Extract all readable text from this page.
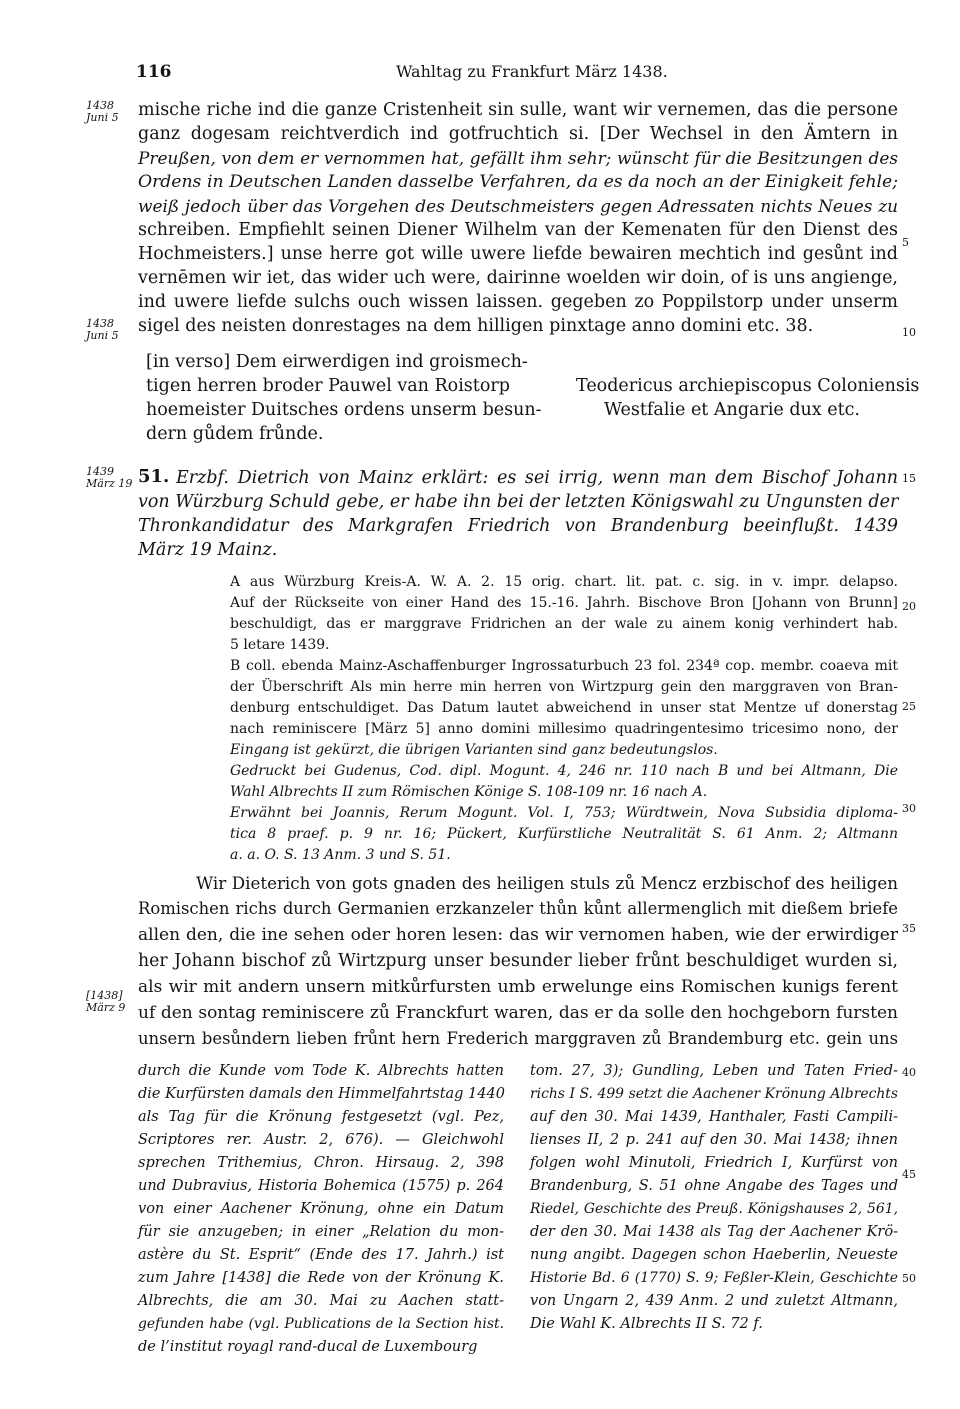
116	Wahltag zu Frankfurt März 1438.
1438
Juni 5
1438
Juni 5
1439
März 19
[1438]
März 9
5
10
15
20
25
30
35
40
45
50
mische riche ind die ganze Cristenheit sin sulle, want wir vernemen, das die persone
ganz dogesam reichtverdich ind gotfruchtich si. [Der Wechsel in den Ämtern in
Preußen, von dem er vernommen hat, gefällt ihm sehr; wünscht für die Besitzungen des
Ordens in Deutschen Landen dasselbe Verfahren, da es da noch an der Einigkeit fehle;
weiß jedoch über das Vorgehen des Deutschmeisters gegen Adressaten nichts Neues zu
schreiben. Empfiehlt seinen Diener Wilhelm van der Kemenaten für den Dienst des
Hochmeisters.] unse herre got wille uwere liefde bewairen mechtich ind gesůnt ind
vernēmen wir iet, das wider uch were, dairinne woelden wir doin, of is uns angienge,
ind uwere liefde sulchs ouch wissen laissen. gegeben zo Poppilstorp under unserm
sigel des neisten donrestages na dem hilligen pinxtage anno domini etc. 38.
[in verso] Dem eirwerdigen ind groismech-
tigen herren broder Pauwel van Roistorp
hoemeister Duitsches ordens unserm besun-
dern gůdem frůnde.
Teodericus archiepiscopus Coloniensis
Westfalie et Angarie dux etc.
51. Erzbf. Dietrich von Mainz erklärt: es sei irrig, wenn man dem Bischof Johann
von Würzburg Schuld gebe, er habe ihn bei der letzten Königswahl zu Ungunsten der
Thronkandidatur des Markgrafen Friedrich von Brandenburg beeinflußt. 1439
März 19 Mainz.
A aus Würzburg Kreis-A. W. A. 2. 15 orig. chart. lit. pat. c. sig. in v. impr. delapso.
Auf der Rückseite von einer Hand des 15.-16. Jahrh. Bischove Bron [Johann von Brunn]
beschuldigt, das er marggrave Fridrichen an der wale zu ainem konig verhindert hab.
5 letare 1439.
B coll. ebenda Mainz-Aschaffenburger Ingrossaturbuch 23 fol. 234ª cop. membr. coaeva mit
der Überschrift Als min herre min herren von Wirtzpurg gein den marggraven von Bran-
denburg entschuldiget. Das Datum lautet abweichend in unser stat Mentze uf donerstag
nach reminiscere [März 5] anno domini millesimo quadringentesimo tricesimo nono, der
Eingang ist gekürzt, die übrigen Varianten sind ganz bedeutungslos.
Gedruckt bei Gudenus, Cod. dipl. Mogunt. 4, 246 nr. 110 nach B und bei Altmann, Die
Wahl Albrechts II zum Römischen Könige S. 108-109 nr. 16 nach A.
Erwähnt bei Joannis, Rerum Mogunt. Vol. I, 753; Würdtwein, Nova Subsidia diploma-
tica 8 praef. p. 9 nr. 16; Pückert, Kurfürstliche Neutralität S. 61 Anm. 2; Altmann
a. a. O. S. 13 Anm. 3 und S. 51.
Wir Dieterich von gots gnaden des heiligen stuls zů Mencz erzbischof des heiligen
Romischen richs durch Germanien erzkanzeler thůn kůnt allermenglich mit dießem briefe
allen den, die ine sehen oder horen lesen: das wir vernomen haben, wie der erwirdiger
her Johann bischof zů Wirtzpurg unser besunder lieber frůnt beschuldiget wurden si,
als wir mit andern unsern mitkůrfursten umb erwelunge eins Romischen kunigs ferent
uf den sontag reminiscere zů Franckfurt waren, das er da solle den hochgeborn fursten
unsern besůndern lieben frůnt hern Frederich marggraven zů Brandemburg etc. gein uns
durch die Kunde vom Tode K. Albrechts hatten
die Kurfürsten damals den Himmelfahrtstag 1440
als Tag für die Krönung festgesetzt (vgl. Pez,
Scriptores rer. Austr. 2, 676). — Gleichwohl
sprechen Trithemius, Chron. Hirsaug. 2, 398
und Dubravius, Historia Bohemica (1575) p. 264
von einer Aachener Krönung, ohne ein Datum
für sie anzugeben; in einer „Relation du mon-
astère du St. Esprit“ (Ende des 17. Jahrh.) ist
zum Jahre [1438] die Rede von der Krönung K.
Albrechts, die am 30. Mai zu Aachen statt-
gefunden habe (vgl. Publications de la Section hist.
de l’institut royagl rand-ducal de Luxembourg
tom. 27, 3); Gundling, Leben und Taten Fried-
richs I S. 499 setzt die Aachener Krönung Albrechts
auf den 30. Mai 1439, Hanthaler, Fasti Campili-
lienses II, 2 p. 241 auf den 30. Mai 1438; ihnen
folgen wohl Minutoli, Friedrich I, Kurfürst von
Brandenburg, S. 51 ohne Angabe des Tages und
Riedel, Geschichte des Preuß. Königshauses 2, 561,
der den 30. Mai 1438 als Tag der Aachener Krö-
nung angibt. Dagegen schon Haeberlin, Neueste
Historie Bd. 6 (1770) S. 9; Feßler-Klein, Geschichte
von Ungarn 2, 439 Anm. 2 und zuletzt Altmann,
Die Wahl K. Albrechts II S. 72 f.
